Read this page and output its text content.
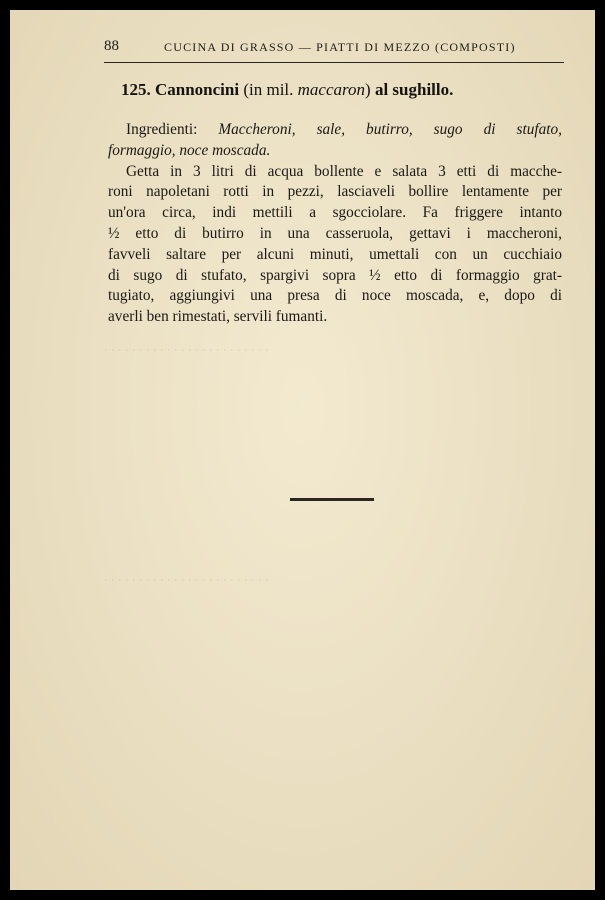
. . . . . . . . . . . . . . . . . . . . . . . .
. . . . . . . . . . . . . . . . . . . . . . . .
88	CUCINA DI GRASSO — PIATTI DI MEZZO (COMPOSTI)
125. Cannoncini (in mil. maccaron) al sughillo.
Ingredienti: Maccheroni, sale, butirro, sugo di stufato,
formaggio, noce moscada.
Getta in 3 litri di acqua bollente e salata 3 etti di macche-
roni napoletani rotti in pezzi, lasciaveli bollire lentamente per
un'ora circa, indi mettili a sgocciolare. Fa friggere intanto
½ etto di butirro in una casseruola, gettavi i maccheroni,
favveli saltare per alcuni minuti, umettali con un cucchiaio
di sugo di stufato, spargivi sopra ½ etto di formaggio grat-
tugiato, aggiungivi una presa di noce moscada, e, dopo di
averli ben rimestati, servili fumanti.
